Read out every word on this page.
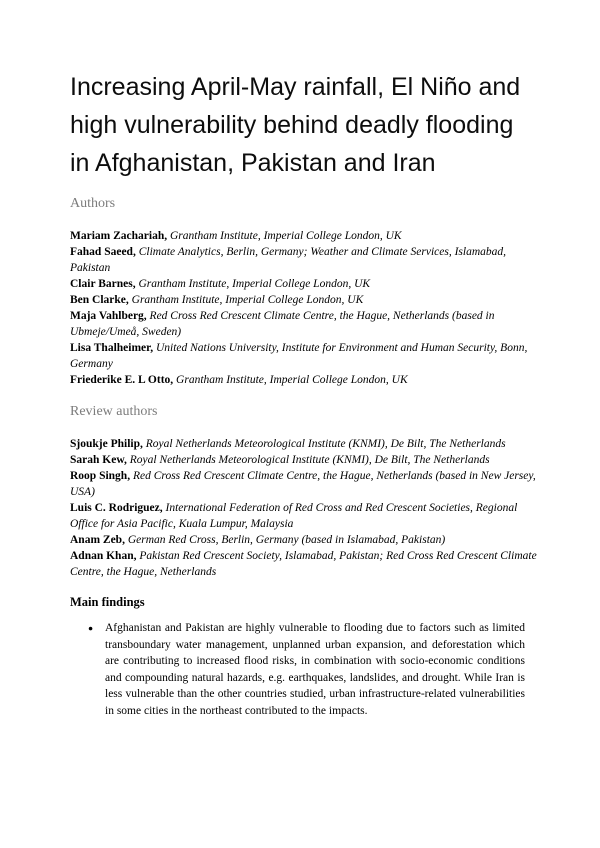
Increasing April-May rainfall, El Niño and high vulnerability behind deadly flooding in Afghanistan, Pakistan and Iran
Authors

Mariam Zachariah, Grantham Institute, Imperial College London, UK

Fahad Saeed, Climate Analytics, Berlin, Germany; Weather and Climate Services, Islamabad, Pakistan

Clair Barnes, Grantham Institute, Imperial College London, UK

Ben Clarke, Grantham Institute, Imperial College London, UK

Maja Vahlberg, Red Cross Red Crescent Climate Centre, the Hague, Netherlands (based in Ubmeje/Umeå, Sweden)

Lisa Thalheimer, United Nations University, Institute for Environment and Human Security, Bonn, Germany

Friederike E. L Otto, Grantham Institute, Imperial College London, UK

Review authors

Sjoukje Philip, Royal Netherlands Meteorological Institute (KNMI), De Bilt, The Netherlands

Sarah Kew, Royal Netherlands Meteorological Institute (KNMI), De Bilt, The Netherlands

Roop Singh, Red Cross Red Crescent Climate Centre, the Hague, Netherlands (based in New Jersey, USA)

Luis C. Rodriguez, International Federation of Red Cross and Red Crescent Societies, Regional Office for Asia Pacific, Kuala Lumpur, Malaysia

Anam Zeb, German Red Cross, Berlin, Germany (based in Islamabad, Pakistan)

Adnan Khan, Pakistan Red Crescent Society, Islamabad, Pakistan; Red Cross Red Crescent Climate Centre, the Hague, Netherlands

Main findings
●	Afghanistan and Pakistan are highly vulnerable to flooding due to factors such as limited transboundary water management, unplanned urban expansion, and deforestation which are contributing to increased flood risks, in combination with socio-economic conditions and compounding natural hazards, e.g. earthquakes, landslides, and drought. While Iran is less vulnerable than the other countries studied, urban infrastructure-related vulnerabilities in some cities in the northeast contributed to the impacts.
